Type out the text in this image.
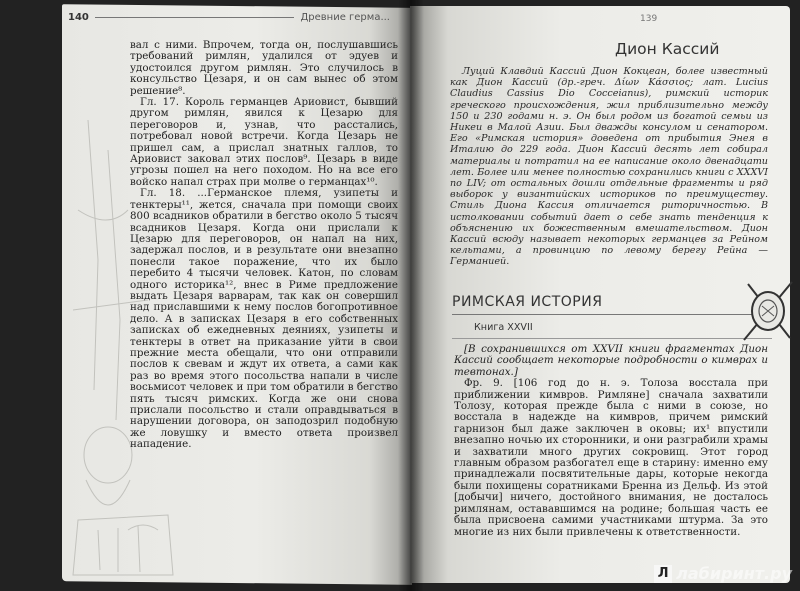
140	Древние герма...

вал с ними. Впрочем, тогда он, послушавшись требований римлян, удалился от эдуев и удостоился другом римлян. Это случилось в консульство Цезаря, и он сам вынес об этом решение⁸.

Гл. 17. Король германцев Ариовист, бывший другом римлян, явился к Цезарю для переговоров и, узнав, что расстались, потребовал новой встречи. Когда Цезарь не пришел сам, а прислал знатных галлов, то Ариовист заковал этих послов⁹. Цезарь в виде угрозы пошел на него походом. Но на все его войско напал страх при молве о германцах¹⁰.

Гл. 18. ...Германское племя, узипеты и тенктеры¹¹, жется, сначала при помощи своих 800 всадников обратили в бегство около 5 тысяч всадников Цезаря. Когда они прислали к Цезарю для переговоров, он напал на них, задержал послов, и в результате они внезапно понесли такое поражение, что их было перебито 4 тысячи человек. Катон, по словам одного историка¹², внес в Риме предложение выдать Цезаря варварам, так как он совершил над приславшими к нему послов богопротивное дело. А в записках Цезаря в его собственных записках об ежедневных деяниях, узипеты и тенктеры в ответ на приказание уйти в свои прежние места обещали, что они отправили послов к свевам и ждут их ответа, а сами как раз во время этого посольства напали в числе восьмисот человек и при том обратили в бегство пять тысяч римских. Когда же они снова прислали посольство и стали оправдываться в нарушении договора, он заподозрил подобную же ловушку и вместо ответа произвел нападение.

139
Дион Кассий

Луций Клавдий Кассий Дион Кокцеан, более известный как Дион Кассий (др.-греч. Δίων Κάσσιος; лат. Lucius Claudius Cassius Dio Cocceianus), римский историк греческого происхождения, жил приблизительно между 150 и 230 годами н. э. Он был родом из богатой семьи из Никеи в Малой Азии. Был дважды консулом и сенатором. Его «Римская история» доведена от прибытия Энея в Италию до 229 года. Дион Кассий десять лет собирал материалы и потратил на ее написание около двенадцати лет. Более или менее полностью сохранились книги с XXXVI по LIV; от остальных дошли отдельные фрагменты и ряд выборок у византийских историков по преимуществу. Стиль Диона Кассия отличается риторичностью. В истолковании событий дает о себе знать тенденция к объяснению их божественным вмешательством. Дион Кассий всюду называет некоторых германцев за Рейном кельтами, а провинцию по левому берегу Рейна — Германией.

РИМСКАЯ ИСТОРИЯ
Книга XXVII

[В сохранившихся от XXVII книги фрагментах Дион Кассий сообщает некоторые подробности о кимврах и тевтонах.]

Фр. 9. [106 год до н. э. Толоза восстала при приближении кимвров. Римляне] сначала захватили Толозу, которая прежде была с ними в союзе, но восстала в надежде на кимвров, причем римский гарнизон был даже заключен в оковы; их¹ впустили внезапно ночью их сторонники, и они разграбили храмы и захватили много других сокровищ. Этот город главным образом разбогател еще в старину: именно ему принадлежали посвятительные дары, которые некогда были похищены соратниками Бренна из Дельф. Из этой [добычи] ничего, достойного внимания, не досталось римлянам, остававшимся на родине; большая часть ее была присвоена самими участниками штурма. За это многие из них были привлечены к ответственности.

Л лабиринт.ру
